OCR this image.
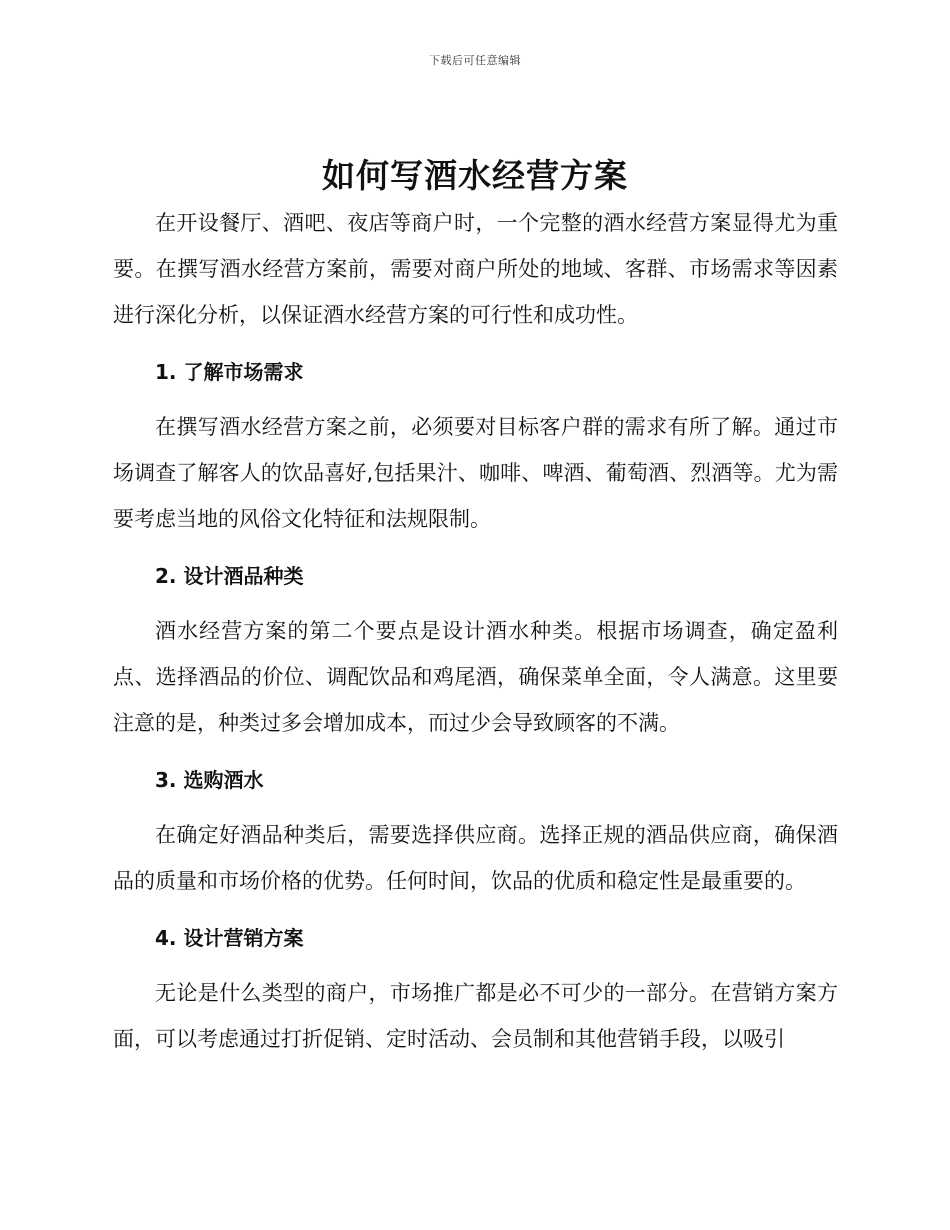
下载后可任意编辑
如何写酒水经营方案

在开设餐厅、酒吧、夜店等商户时，一个完整的酒水经营方案显得尤为重要。在撰写酒水经营方案前，需要对商户所处的地域、客群、市场需求等因素进行深化分析，以保证酒水经营方案的可行性和成功性。

1. 了解市场需求

在撰写酒水经营方案之前，必须要对目标客户群的需求有所了解。通过市场调查了解客人的饮品喜好,包括果汁、咖啡、啤酒、葡萄酒、烈酒等。尤为需要考虑当地的风俗文化特征和法规限制。

2. 设计酒品种类

酒水经营方案的第二个要点是设计酒水种类。根据市场调查，确定盈利点、选择酒品的价位、调配饮品和鸡尾酒，确保菜单全面，令人满意。这里要注意的是，种类过多会增加成本，而过少会导致顾客的不满。

3. 选购酒水

在确定好酒品种类后，需要选择供应商。选择正规的酒品供应商，确保酒品的质量和市场价格的优势。任何时间，饮品的优质和稳定性是最重要的。

4. 设计营销方案

无论是什么类型的商户，市场推广都是必不可少的一部分。在营销方案方面，可以考虑通过打折促销、定时活动、会员制和其他营销手段，以吸引
